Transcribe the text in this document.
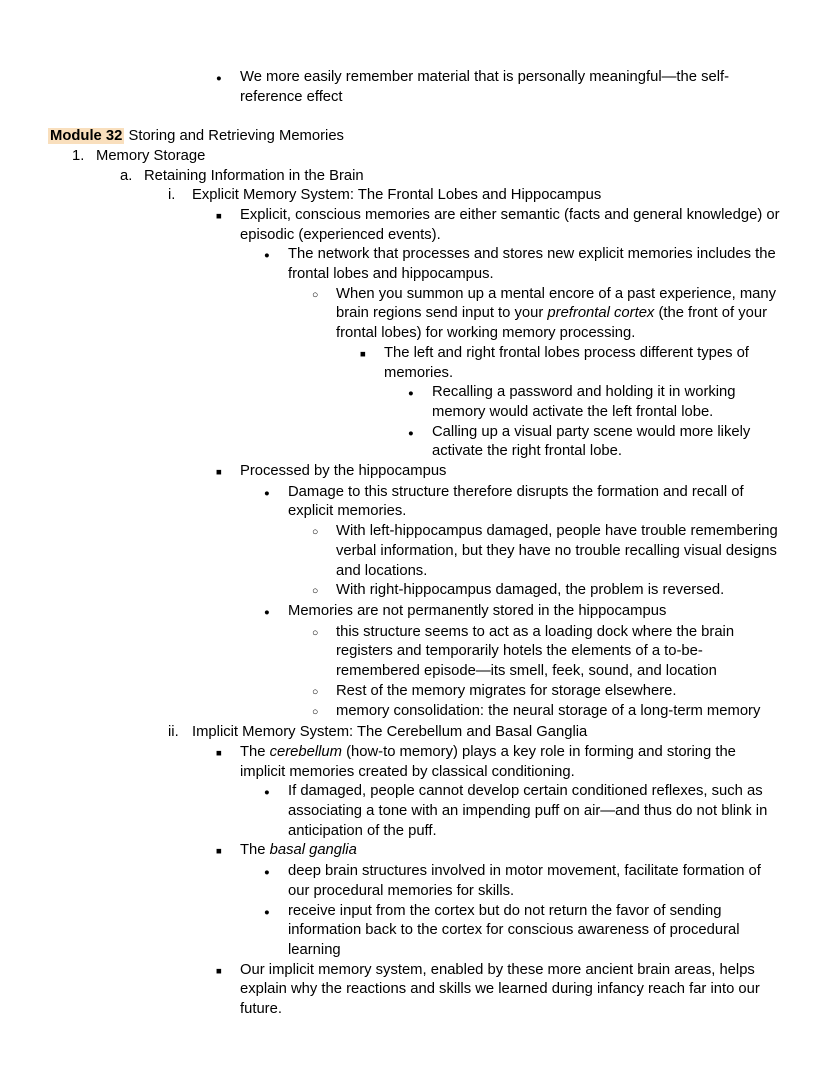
●	We more easily remember material that is personally meaningful—the self-reference effect
Module 32 Storing and Retrieving Memories
1. Memory Storage
a. Retaining Information in the Brain
i.	Explicit Memory System: The Frontal Lobes and Hippocampus
■	Explicit, conscious memories are either semantic (facts and general knowledge) or episodic (experienced events).
●	The network that processes and stores new explicit memories includes the frontal lobes and hippocampus.
○	When you summon up a mental encore of a past experience, many brain regions send input to your prefrontal cortex (the front of your frontal lobes) for working memory processing.
■	The left and right frontal lobes process different types of memories.
●	Recalling a password and holding it in working memory would activate the left frontal lobe.
●	Calling up a visual party scene would more likely activate the right frontal lobe.
■	Processed by the hippocampus
●	Damage to this structure therefore disrupts the formation and recall of explicit memories.
○	With left-hippocampus damaged, people have trouble remembering verbal information, but they have no trouble recalling visual designs and locations.
○	With right-hippocampus damaged, the problem is reversed.
●	Memories are not permanently stored in the hippocampus
○	this structure seems to act as a loading dock where the brain registers and temporarily hotels the elements of a to-be-remembered episode—its smell, feek, sound, and location
○	Rest of the memory migrates for storage elsewhere.
○	memory consolidation: the neural storage of a long-term memory
ii. Implicit Memory System: The Cerebellum and Basal Ganglia
■	The cerebellum (how-to memory) plays a key role in forming and storing the implicit memories created by classical conditioning.
●	If damaged, people cannot develop certain conditioned reflexes, such as associating a tone with an impending puff on air—and thus do not blink in anticipation of the puff.
■	The basal ganglia
●	deep brain structures involved in motor movement, facilitate formation of our procedural memories for skills.
●	receive input from the cortex but do not return the favor of sending information back to the cortex for conscious awareness of procedural learning
■	Our implicit memory system, enabled by these more ancient brain areas, helps explain why the reactions and skills we learned during infancy reach far into our future.
